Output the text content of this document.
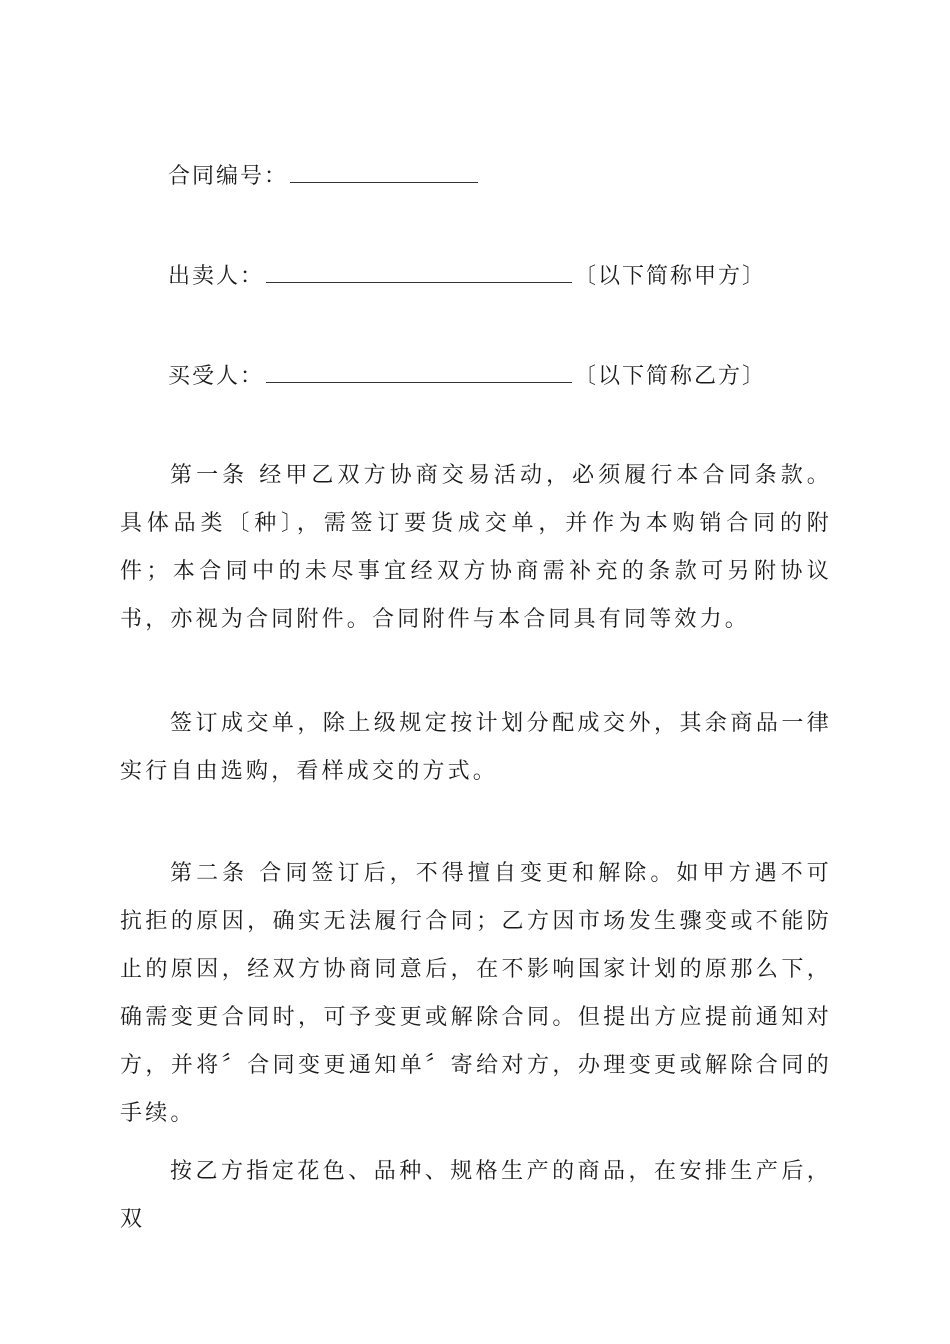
合同编号：
出卖人：	〔以下简称甲方〕
买受人：	〔以下简称乙方〕

第一条 经甲乙双方协商交易活动，必须履行本合同条款。具体品类〔种〕，需签订要货成交单，并作为本购销合同的附件；本合同中的未尽事宜经双方协商需补充的条款可另附协议书，亦视为合同附件。合同附件与本合同具有同等效力。

签订成交单，除上级规定按计划分配成交外，其余商品一律实行自由选购，看样成交的方式。

第二条 合同签订后，不得擅自变更和解除。如甲方遇不可抗拒的原因，确实无法履行合同；乙方因市场发生骤变或不能防止的原因，经双方协商同意后，在不影响国家计划的原那么下，确需变更合同时，可予变更或解除合同。但提出方应提前通知对方，并将〞合同变更通知单〞寄给对方，办理变更或解除合同的手续。

按乙方指定花色、品种、规格生产的商品，在安排生产后，双
